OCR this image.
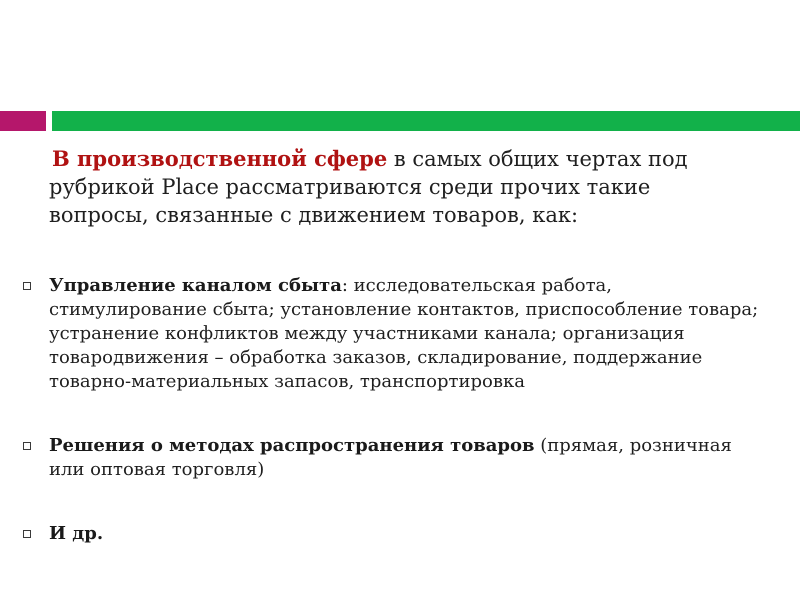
В производственной сфере в самых общих чертах под рубрикой Place рассматриваются среди прочих такие вопросы, связанные с движением товаров, как:

Управление каналом сбыта: исследовательская работа, стимулирование сбыта; установление контактов, приспособление товара; устранение конфликтов между участниками канала; организация товародвижения – обработка заказов, складирование, поддержание товарно-материальных запасов, транспортировка

Решения о методах распространения товаров (прямая, розничная или оптовая торговля)

И др.
